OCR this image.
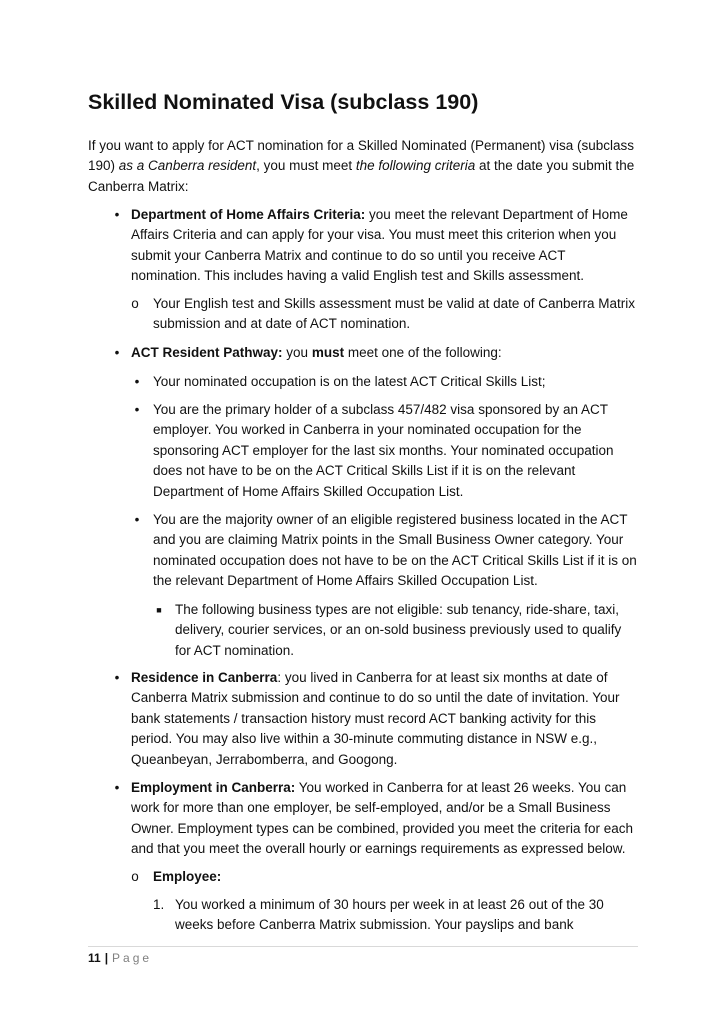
Skilled Nominated Visa (subclass 190)

If you want to apply for ACT nomination for a Skilled Nominated (Permanent) visa (subclass 190) as a Canberra resident, you must meet the following criteria at the date you submit the Canberra Matrix:

• Department of Home Affairs Criteria: you meet the relevant Department of Home Affairs Criteria and can apply for your visa. You must meet this criterion when you submit your Canberra Matrix and continue to do so until you receive ACT nomination. This includes having a valid English test and Skills assessment.

o Your English test and Skills assessment must be valid at date of Canberra Matrix submission and at date of ACT nomination.

• ACT Resident Pathway: you must meet one of the following:

•	Your nominated occupation is on the latest ACT Critical Skills List;

•	You are the primary holder of a subclass 457/482 visa sponsored by an ACT employer. You worked in Canberra in your nominated occupation for the sponsoring ACT employer for the last six months. Your nominated occupation does not have to be on the ACT Critical Skills List if it is on the relevant Department of Home Affairs Skilled Occupation List.

•	You are the majority owner of an eligible registered business located in the ACT and you are claiming Matrix points in the Small Business Owner category. Your nominated occupation does not have to be on the ACT Critical Skills List if it is on the relevant Department of Home Affairs Skilled Occupation List.

■ The following business types are not eligible: sub tenancy, ride-share, taxi, delivery, courier services, or an on-sold business previously used to qualify for ACT nomination.

• Residence in Canberra: you lived in Canberra for at least six months at date of Canberra Matrix submission and continue to do so until the date of invitation. Your bank statements / transaction history must record ACT banking activity for this period. You may also live within a 30-minute commuting distance in NSW e.g., Queanbeyan, Jerrabomberra, and Googong.

• Employment in Canberra: You worked in Canberra for at least 26 weeks. You can work for more than one employer, be self-employed, and/or be a Small Business Owner. Employment types can be combined, provided you meet the criteria for each and that you meet the overall hourly or earnings requirements as expressed below.

o Employee:

1. You worked a minimum of 30 hours per week in at least 26 out of the 30 weeks before Canberra Matrix submission. Your payslips and bank

11 | Page
